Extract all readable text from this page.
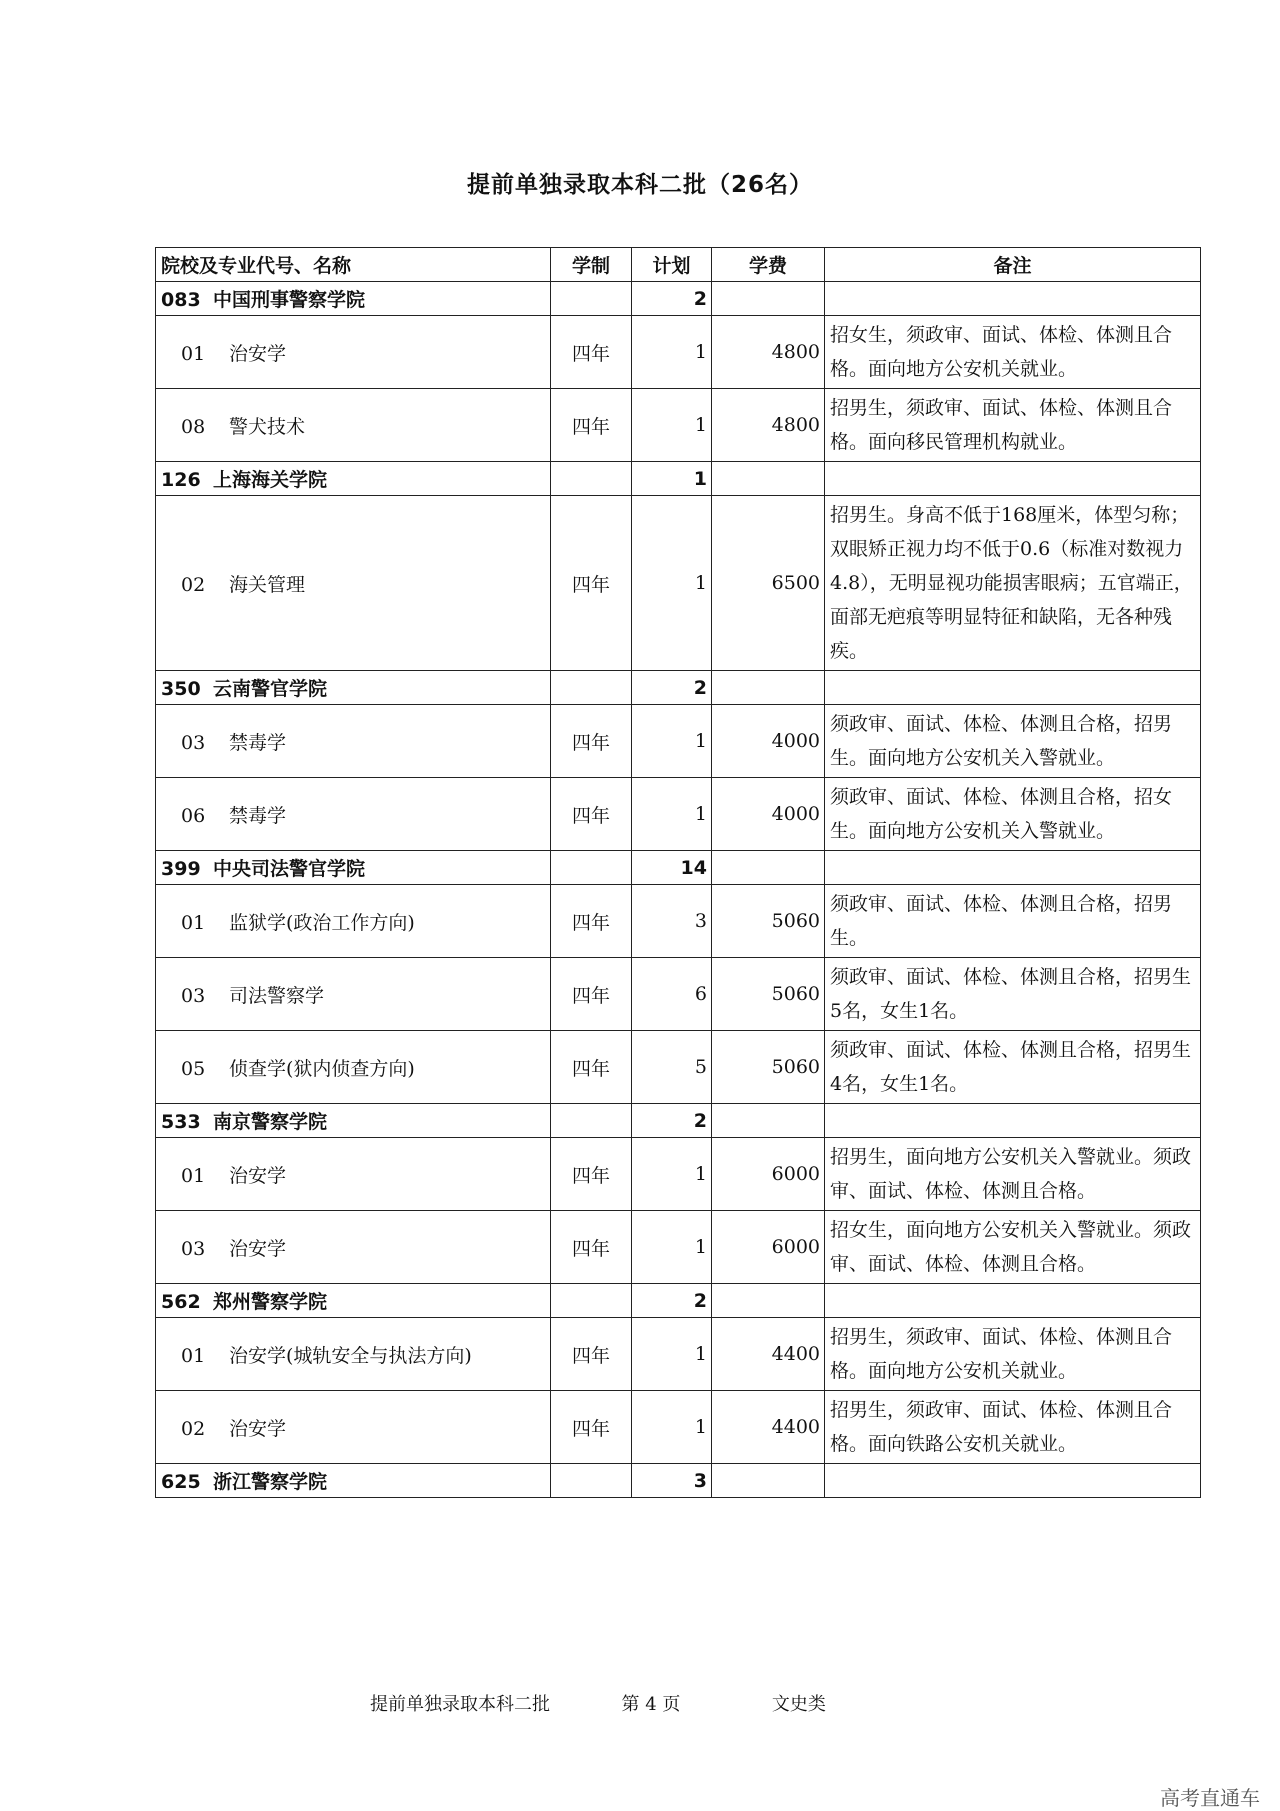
提前单独录取本科二批（26名）
院校及专业代号、名称	学制	计划	学费	备注
083 中国刑事警察学院		2		
01 治安学	四年	1	4800	招女生，须政审、面试、体检、体测且合格。面向地方公安机关就业。
08 警犬技术	四年	1	4800	招男生，须政审、面试、体检、体测且合格。面向移民管理机构就业。
126 上海海关学院		1		
02 海关管理	四年	1	6500	招男生。身高不低于168厘米，体型匀称；双眼矫正视力均不低于0.6（标准对数视力4.8），无明显视功能损害眼病；五官端正，面部无疤痕等明显特征和缺陷，无各种残疾。
350 云南警官学院		2		
03 禁毒学	四年	1	4000	须政审、面试、体检、体测且合格，招男生。面向地方公安机关入警就业。
06 禁毒学	四年	1	4000	须政审、面试、体检、体测且合格，招女生。面向地方公安机关入警就业。
399 中央司法警官学院		14		
01 监狱学(政治工作方向)	四年	3	5060	须政审、面试、体检、体测且合格，招男生。
03 司法警察学	四年	6	5060	须政审、面试、体检、体测且合格，招男生5名，女生1名。
05 侦查学(狱内侦查方向)	四年	5	5060	须政审、面试、体检、体测且合格，招男生4名，女生1名。
533 南京警察学院		2		
01 治安学	四年	1	6000	招男生，面向地方公安机关入警就业。须政审、面试、体检、体测且合格。
03 治安学	四年	1	6000	招女生，面向地方公安机关入警就业。须政审、面试、体检、体测且合格。
562 郑州警察学院		2		
01 治安学(城轨安全与执法方向)	四年	1	4400	招男生，须政审、面试、体检、体测且合格。面向地方公安机关就业。
02 治安学	四年	1	4400	招男生，须政审、面试、体检、体测且合格。面向铁路公安机关就业。
625 浙江警察学院		3		
提前单独录取本科二批	第 4 页	文史类
高考直通车
